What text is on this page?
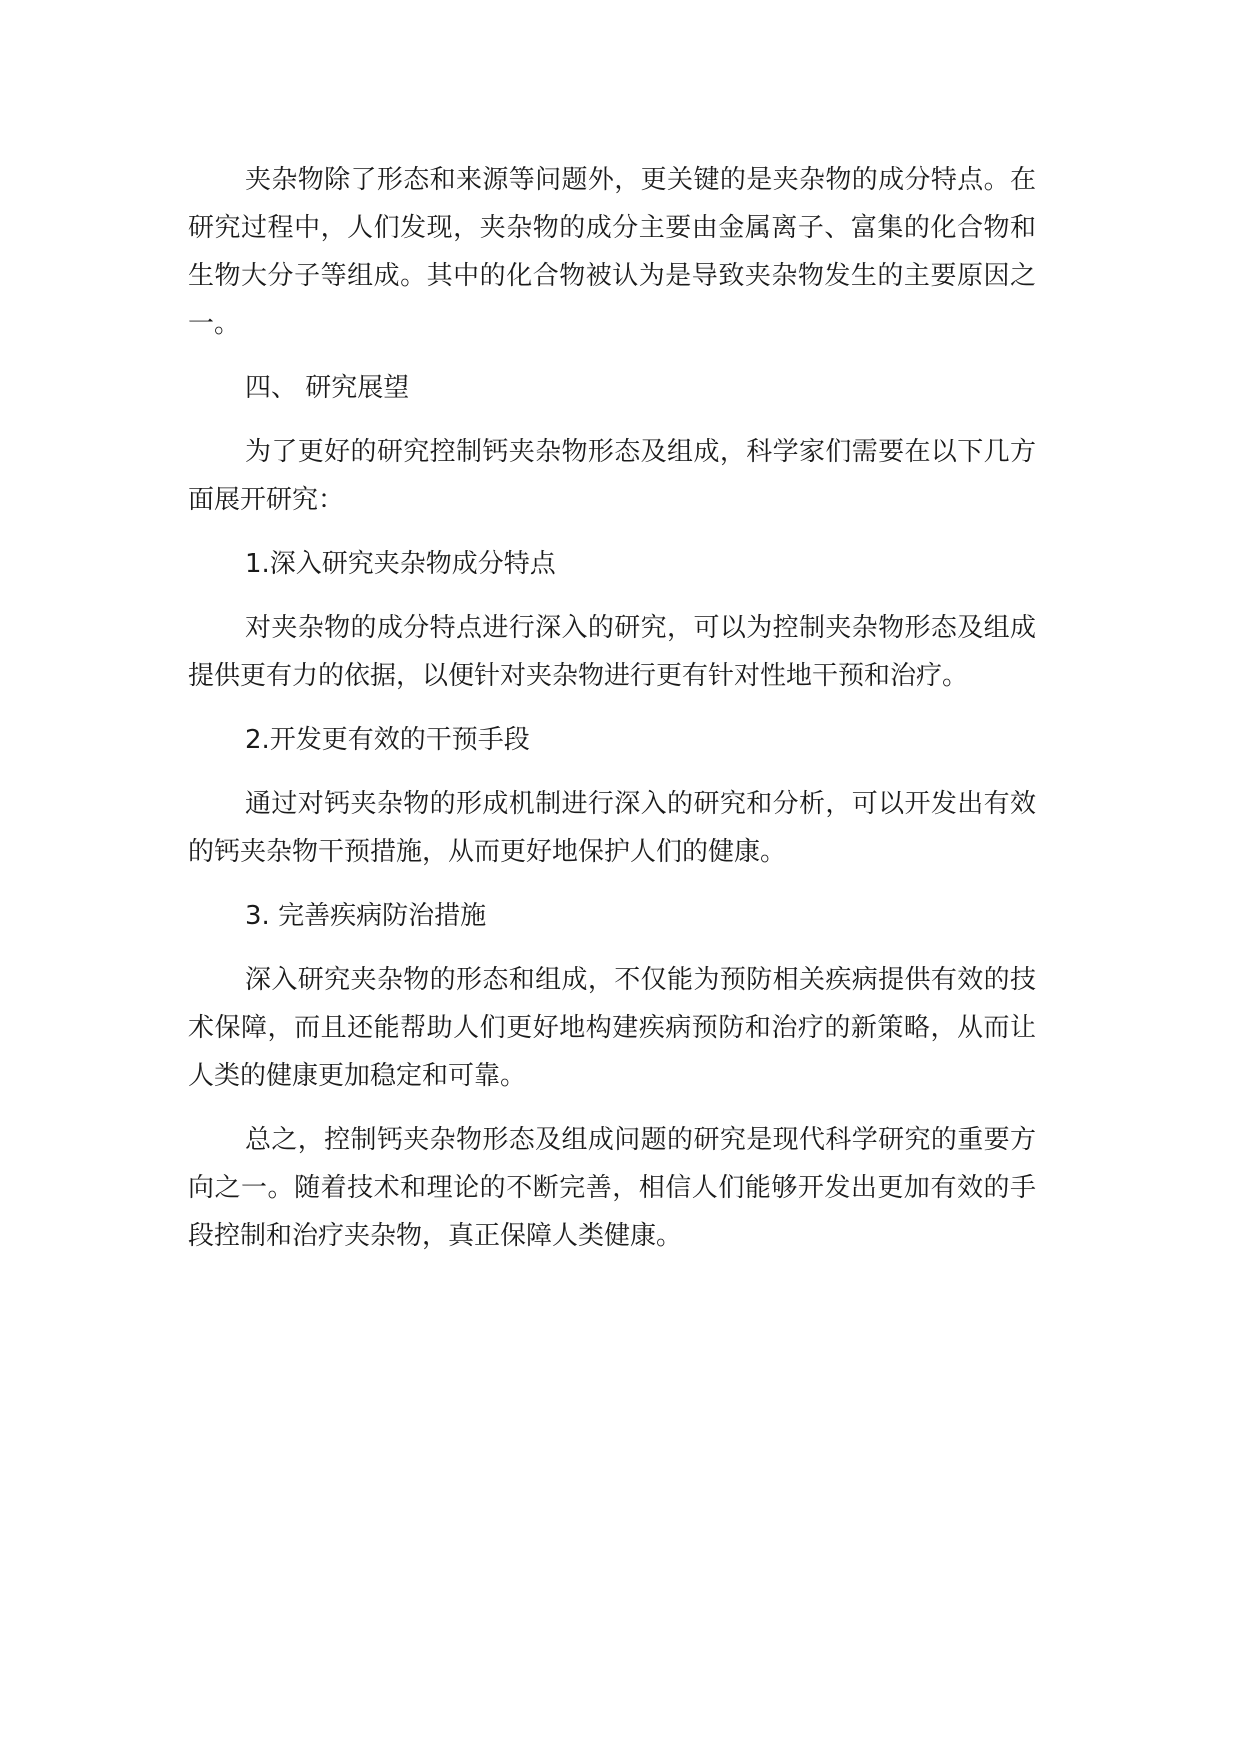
夹杂物除了形态和来源等问题外，更关键的是夹杂物的成分特点。在研究过程中，人们发现，夹杂物的成分主要由金属离子、富集的化合物和生物大分子等组成。其中的化合物被认为是导致夹杂物发生的主要原因之一。

四、 研究展望

为了更好的研究控制钙夹杂物形态及组成，科学家们需要在以下几方面展开研究：

1.深入研究夹杂物成分特点

对夹杂物的成分特点进行深入的研究，可以为控制夹杂物形态及组成提供更有力的依据，以便针对夹杂物进行更有针对性地干预和治疗。

2.开发更有效的干预手段

通过对钙夹杂物的形成机制进行深入的研究和分析，可以开发出有效的钙夹杂物干预措施，从而更好地保护人们的健康。

3. 完善疾病防治措施

深入研究夹杂物的形态和组成，不仅能为预防相关疾病提供有效的技术保障，而且还能帮助人们更好地构建疾病预防和治疗的新策略，从而让人类的健康更加稳定和可靠。

总之，控制钙夹杂物形态及组成问题的研究是现代科学研究的重要方向之一。随着技术和理论的不断完善，相信人们能够开发出更加有效的手段控制和治疗夹杂物，真正保障人类健康。
